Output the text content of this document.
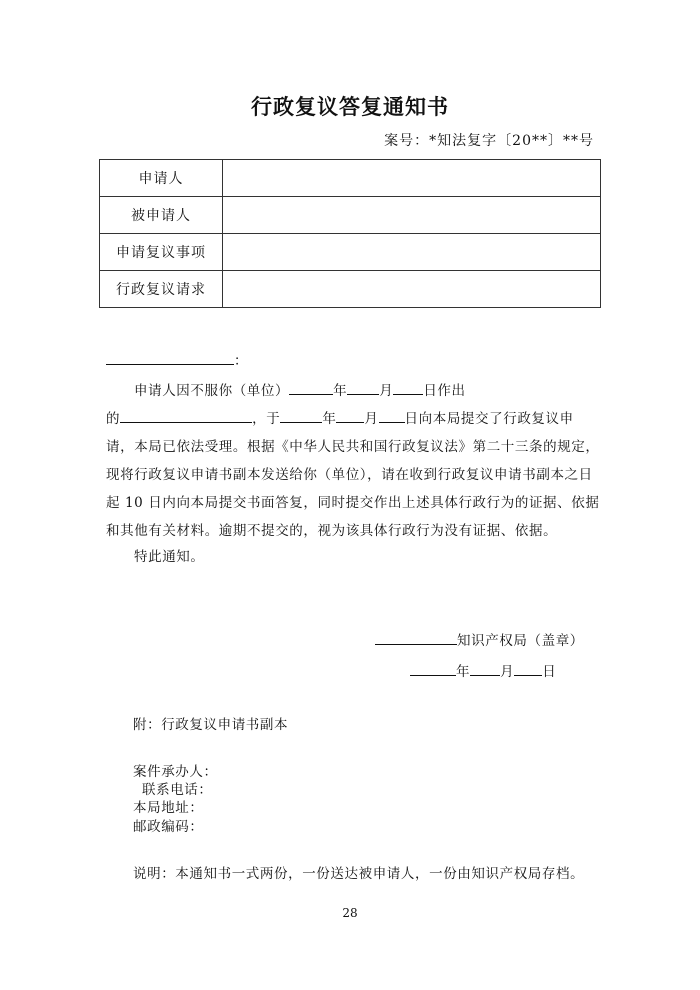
行政复议答复通知书
案号：*知法复字〔20**〕**号
申请人	
被申请人	
申请复议事项	
行政复议请求	
：
申请人因不服你（单位）	年 月 日作出
的	，于	年 月 日向本局提交了行政复议申
请，本局已依法受理。根据《中华人民共和国行政复议法》第二十三条的规定，
现将行政复议申请书副本发送给你（单位），请在收到行政复议申请书副本之日
起 10 日内向本局提交书面答复，同时提交作出上述具体行政行为的证据、依据
和其他有关材料。逾期不提交的，视为该具体行政行为没有证据、依据。
特此通知。
知识产权局（盖章）
年 月 日
附：行政复议申请书副本
案件承办人：
联系电话：
本局地址：
邮政编码：
说明：本通知书一式两份，一份送达被申请人，一份由知识产权局存档。
28
